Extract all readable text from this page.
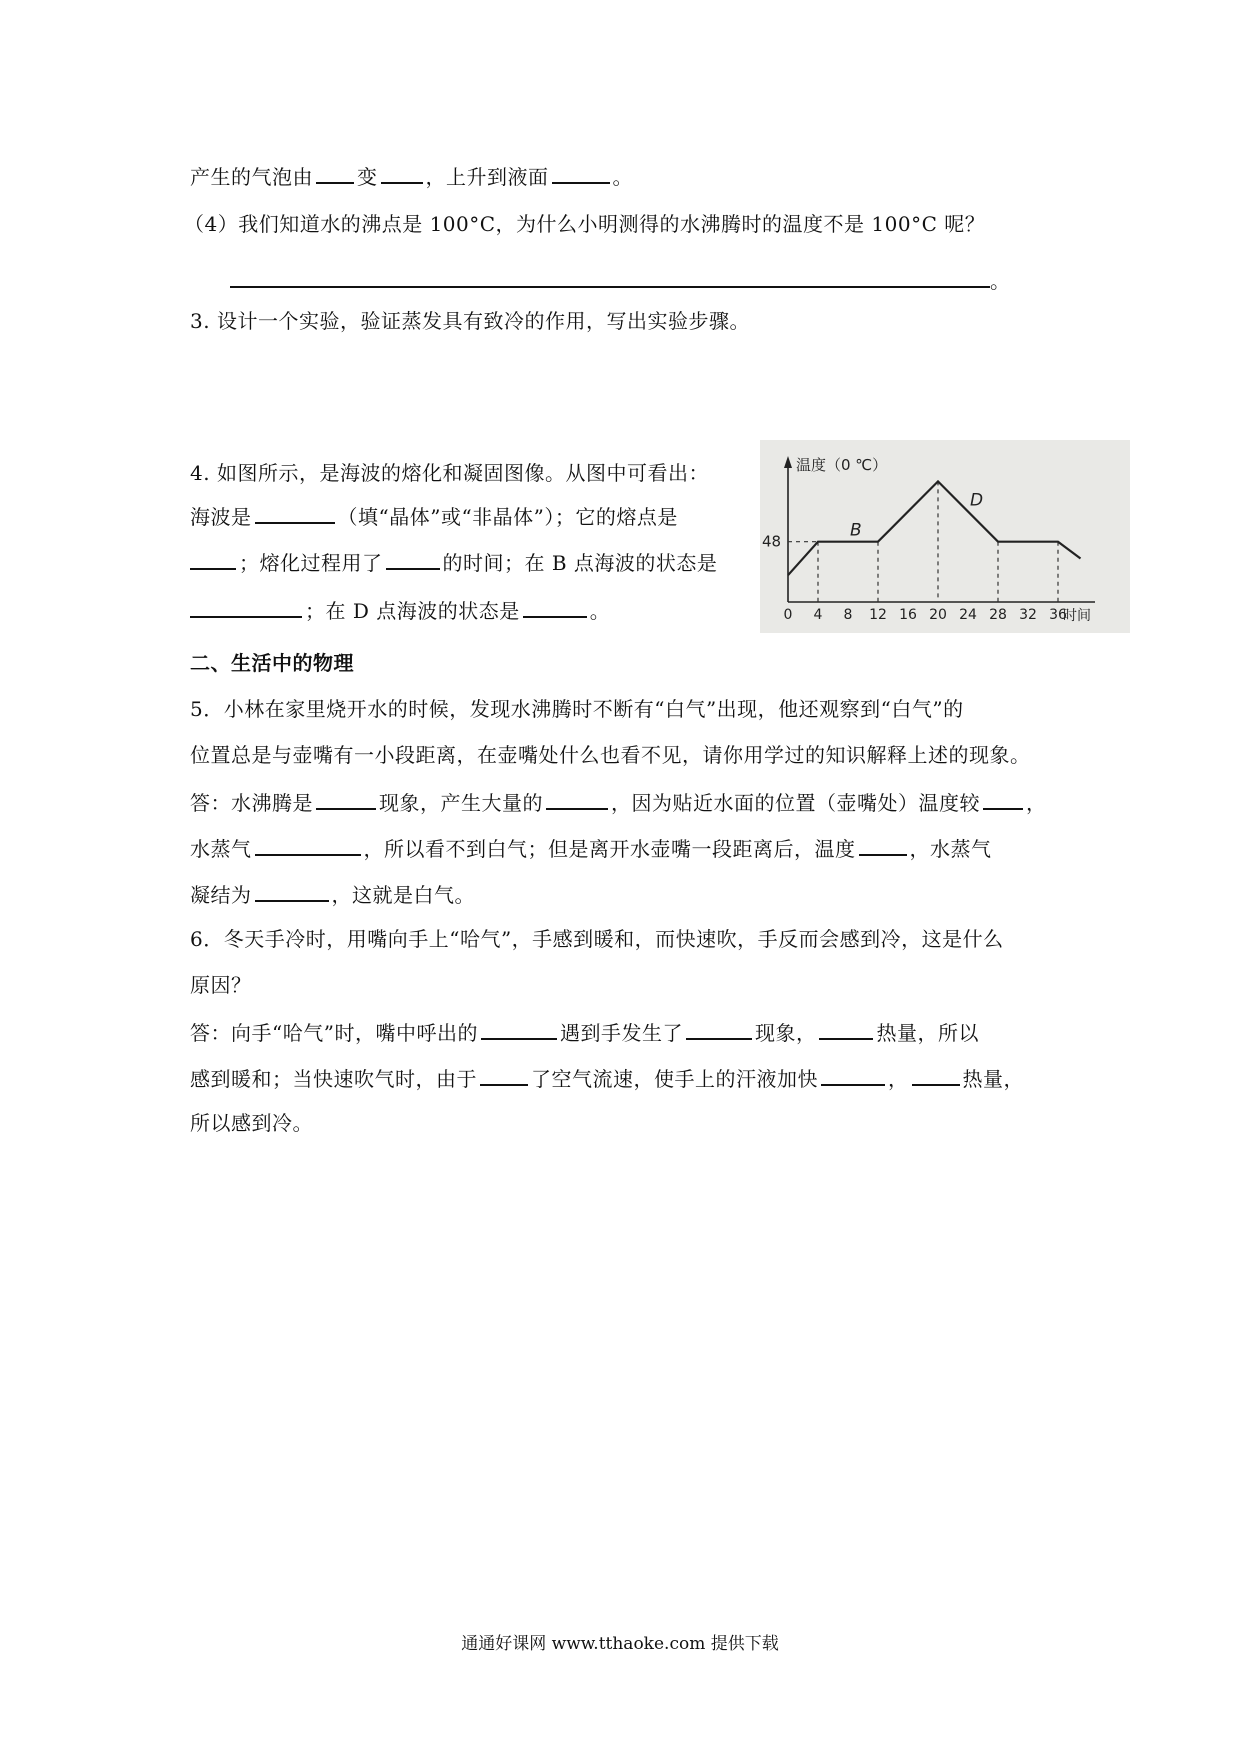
产生的气泡由 变 ，上升到液面	。
（4）我们知道水的沸点是 100°C，为什么小明测得的水沸腾时的温度不是 100°C 呢？
。
3. 设计一个实验，验证蒸发具有致冷的作用，写出实验步骤。
4. 如图所示，是海波的熔化和凝固图像。从图中可看出：
海波是	（填“晶体”或“非晶体”）；它的熔点是
；熔化过程用了	的时间；在 B 点海波的状态是
；在 D 点海波的状态是	。
温度（0 ℃）
时间
48
0 4 8 12 16 20 24 28 32 36
B
D
二、生活中的物理
5．小林在家里烧开水的时候，发现水沸腾时不断有“白气”出现，他还观察到“白气”的
位置总是与壶嘴有一小段距离，在壶嘴处什么也看不见，请你用学过的知识解释上述的现象。
答：水沸腾是	现象，产生大量的	，因为贴近水面的位置（壶嘴处）温度较 ，
水蒸气	，所以看不到白气；但是离开水壶嘴一段距离后，温度	，水蒸气
凝结为	，这就是白气。
6．冬天手冷时，用嘴向手上“哈气”，手感到暖和，而快速吹，手反而会感到冷，这是什么
原因？
答：向手“哈气”时，嘴中呼出的	遇到手发生了	现象，	热量，所以
感到暖和；当快速吹气时，由于	了空气流速，使手上的汗液加快	，	热量，
所以感到冷。
通通好课网 www.tthaoke.com 提供下载
